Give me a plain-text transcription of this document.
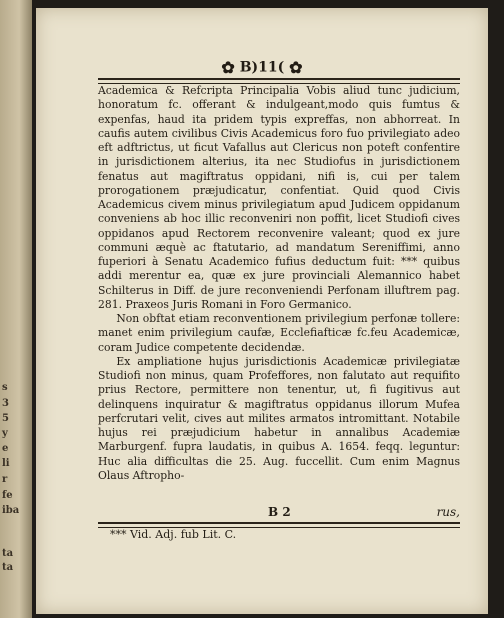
s
3
5
y
e
li
r
fe
iba
ta
ta
✿ B)11( ✿

Academica & Refcripta Principalia Vobis aliud tunc judicium, honoratum fc. offerant & indulgeant,modo quis fumtus & expenfas, haud ita pridem typis expreffas, non abhorreat. In caufis autem civilibus Civis Academicus foro fuo privilegiato adeo eft adftrictus, ut ficut Vafallus aut Clericus non poteft confentire in jurisdictionem alterius, ita nec Studiofus in jurisdictionem fenatus aut magiftratus oppidani, nifi is, cui per talem prorogationem præjudicatur, confentiat. Quid quod Civis Academicus civem minus privilegiatum apud Judicem oppidanum conveniens ab hoc illic reconveniri non poffit, licet Studiofi cives oppidanos apud Rectorem reconvenire valeant; quod ex jure communi æquè ac ftatutario, ad mandatum Sereniffimi, anno fuperiori à Senatu Academico fufius deductum fuit: *** quibus addi merentur ea, quæ ex jure provinciali Alemannico habet Schilterus in Diff. de jure reconveniendi Perfonam illuftrem pag. 281. Praxeos Juris Romani in Foro Germanico.

Non obftat etiam reconventionem privilegium perfonæ tollere: manet enim privilegium caufæ, Ecclefiafticæ fc.feu Academicæ, coram Judice competente decidendæ.

Ex ampliatione hujus jurisdictionis Academicæ privilegiatæ Studiofi non minus, quam Profeffores, non falutato aut requifito prius Rectore, permittere non tenentur, ut, fi fugitivus aut delinquens inquiratur & magiftratus oppidanus illorum Mufea perfcrutari velit, cives aut milites armatos intromittant. Notabile hujus rei præjudicium habetur in annalibus Academiæ Marburgenf. fupra laudatis, in quibus A. 1654. feqq. leguntur: Huc alia difficultas die 25. Aug. fuccellit. Cum enim Magnus Olaus Aftropho-

B 2	rus,
*** Vid. Adj. fub Lit. C.
